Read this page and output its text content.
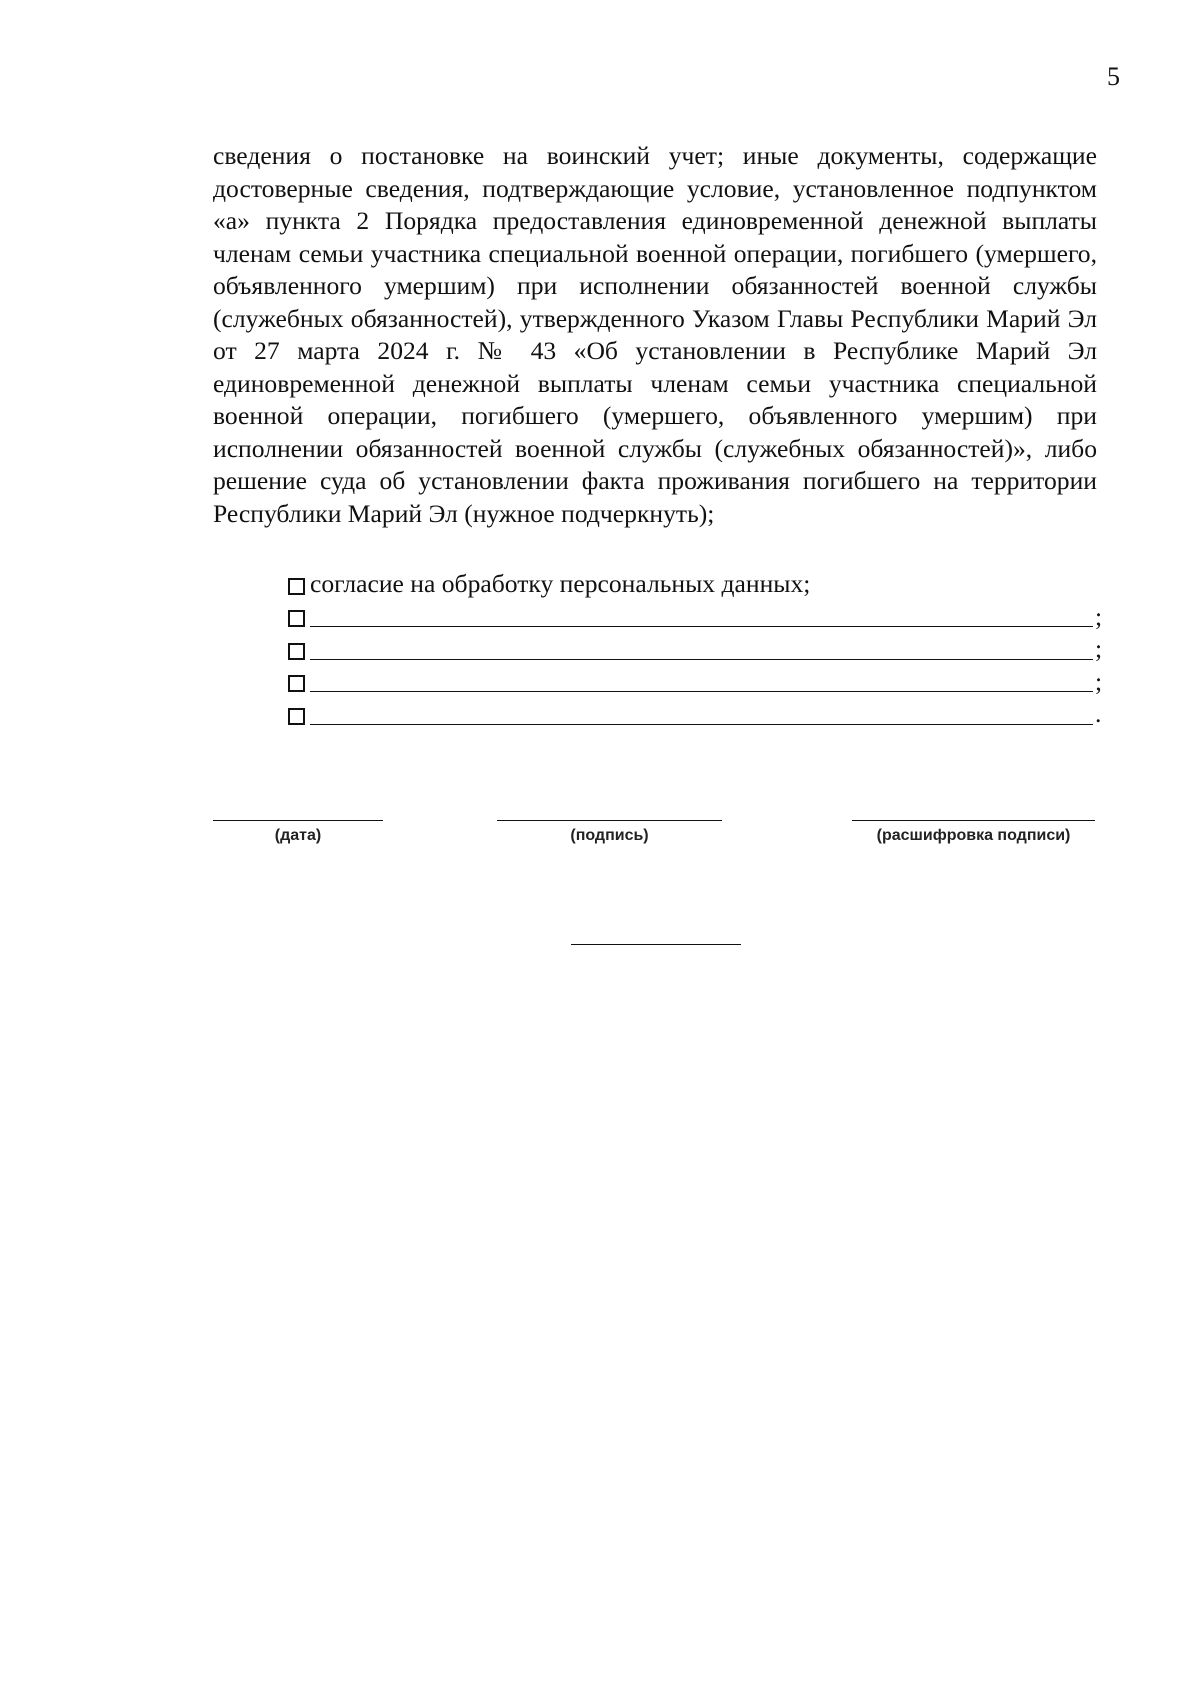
5

сведения о постановке на воинский учет; иные документы, содержащие достоверные сведения, подтверждающие условие, установленное подпунктом «а» пункта 2 Порядка предоставления единовременной денежной выплаты членам семьи участника специальной военной операции, погибшего (умершего, объявленного умершим) при исполнении обязанностей военной службы (служебных обязанностей), утвержденного Указом Главы Республики Марий Эл от 27 марта 2024 г. № 43 «Об установлении в Республике Марий Эл единовременной денежной выплаты членам семьи участника специальной военной операции, погибшего (умершего, объявленного умершим) при исполнении обязанностей военной службы (служебных обязанностей)», либо решение суда об установлении факта проживания погибшего на территории Республики Марий Эл (нужное подчеркнуть);

согласие на обработку персональных данных;
;
;
;
.
(дата)	(подпись)	(расшифровка подписи)
